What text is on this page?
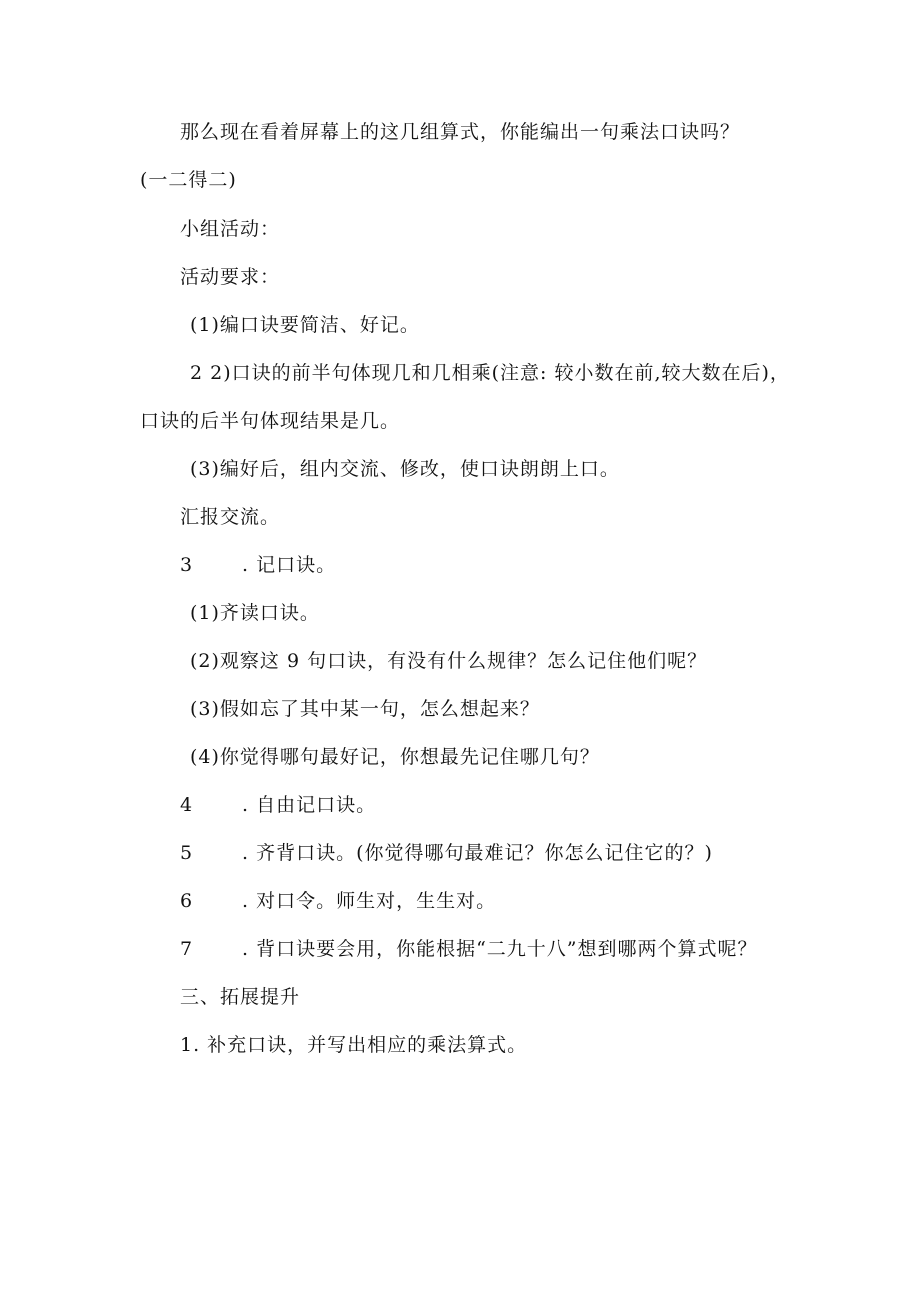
那么现在看着屏幕上的这几组算式，你能编出一句乘法口诀吗？
(一二得二)
小组活动：
活动要求：
(1)编口诀要简洁、好记。
2 2)口诀的前半句体现几和几相乘(注意: 较小数在前,较大数在后)，
口诀的后半句体现结果是几。
(3)编好后，组内交流、修改，使口诀朗朗上口。
汇报交流。
3	. 记口诀。
(1)齐读口诀。
(2)观察这 9 句口诀，有没有什么规律？怎么记住他们呢？
(3)假如忘了其中某一句，怎么想起来？
(4)你觉得哪句最好记，你想最先记住哪几句？
4	. 自由记口诀。
5	. 齐背口诀。(你觉得哪句最难记？你怎么记住它的？)
6	. 对口令。师生对，生生对。
7	. 背口诀要会用，你能根据“二九十八”想到哪两个算式呢？
三、拓展提升
1. 补充口诀，并写出相应的乘法算式。
